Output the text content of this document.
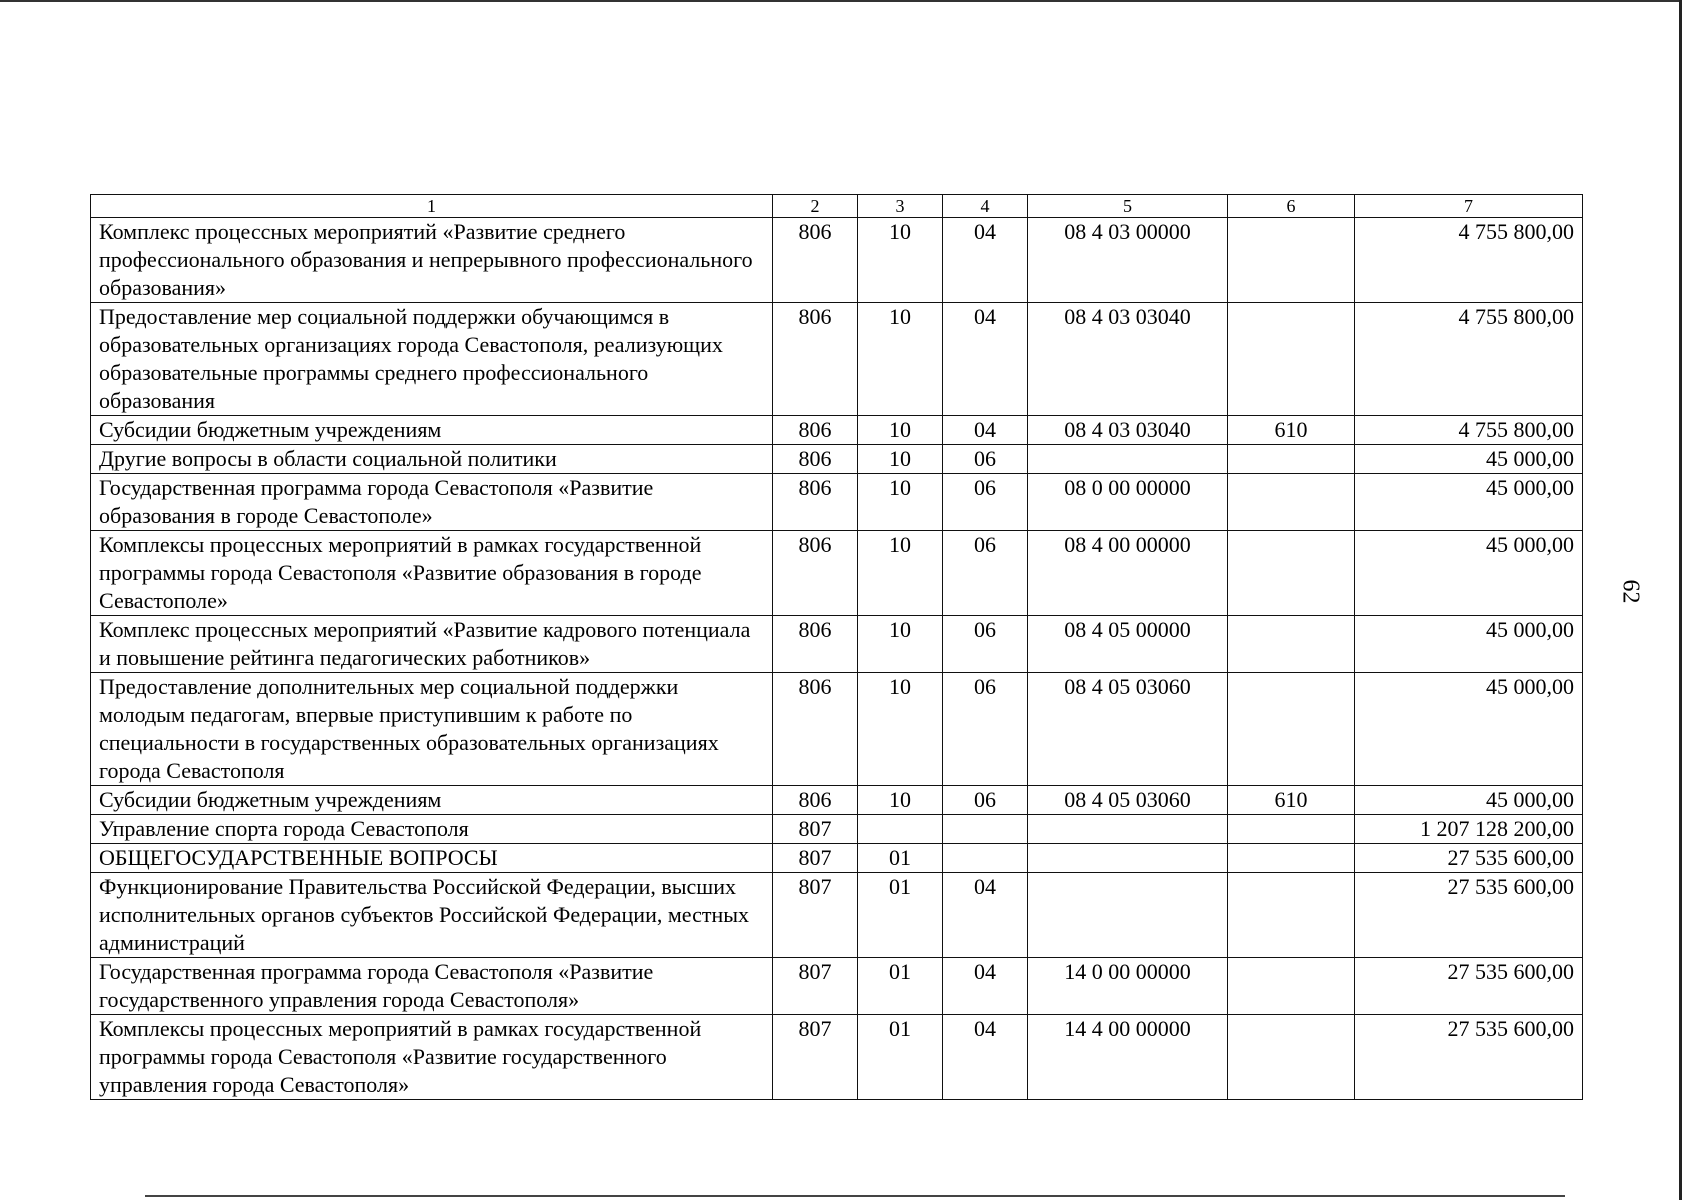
1	2	3	4	5	6	7
Комплекс процессных мероприятий «Развитие среднего профессионального образования и непрерывного профессионального образования»	806	10	04	08 4 03 00000		4 755 800,00
Предоставление мер социальной поддержки обучающимся в образовательных организациях города Севастополя, реализующих образовательные программы среднего профессионального образования	806	10	04	08 4 03 03040		4 755 800,00
Субсидии бюджетным учреждениям	806	10	04	08 4 03 03040	610	4 755 800,00
Другие вопросы в области социальной политики	806	10	06			45 000,00
Государственная программа города Севастополя «Развитие образования в городе Севастополе»	806	10	06	08 0 00 00000		45 000,00
Комплексы процессных мероприятий в рамках государственной программы города Севастополя «Развитие образования в городе Севастополе»	806	10	06	08 4 00 00000		45 000,00
Комплекс процессных мероприятий «Развитие кадрового потенциала и повышение рейтинга педагогических работников»	806	10	06	08 4 05 00000		45 000,00
Предоставление дополнительных мер социальной поддержки молодым педагогам, впервые приступившим к работе по специальности в государственных образовательных организациях города Севастополя	806	10	06	08 4 05 03060		45 000,00
Субсидии бюджетным учреждениям	806	10	06	08 4 05 03060	610	45 000,00
Управление спорта города Севастополя	807					1 207 128 200,00
ОБЩЕГОСУДАРСТВЕННЫЕ ВОПРОСЫ	807	01				27 535 600,00
Функционирование Правительства Российской Федерации, высших исполнительных органов субъектов Российской Федерации, местных администраций	807	01	04			27 535 600,00
Государственная программа города Севастополя «Развитие государственного управления города Севастополя»	807	01	04	14 0 00 00000		27 535 600,00
Комплексы процессных мероприятий в рамках государственной программы города Севастополя «Развитие государственного управления города Севастополя»	807	01	04	14 4 00 00000		27 535 600,00
62
